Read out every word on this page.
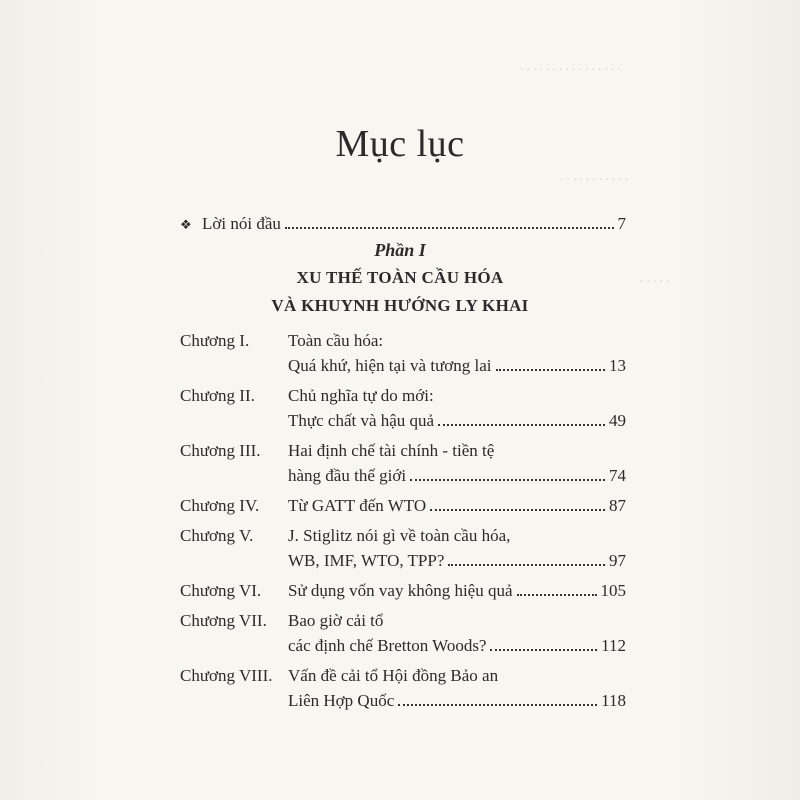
. . . . . . . . . . . . . . . .
. . . . . . . . . . .
. . . . .
Mục lục
❖ Lời nói đầu	7
Phần I
XU THẾ TOÀN CẦU HÓA
VÀ KHUYNH HƯỚNG LY KHAI
Chương I.	Toàn cầu hóa:
Quá khứ, hiện tại và tương lai	13
Chương II.	Chủ nghĩa tự do mới:
Thực chất và hậu quả	49
Chương III.	Hai định chế tài chính - tiền tệ
hàng đầu thế giới	74
Chương IV.	Từ GATT đến WTO	87
Chương V.	J. Stiglitz nói gì về toàn cầu hóa,
WB, IMF, WTO, TPP?	97
Chương VI.	Sử dụng vốn vay không hiệu quả	105
Chương VII.	Bao giờ cải tổ
các định chế Bretton Woods?	112
Chương VIII. Vấn đề cải tổ Hội đồng Bảo an
Liên Hợp Quốc	118
